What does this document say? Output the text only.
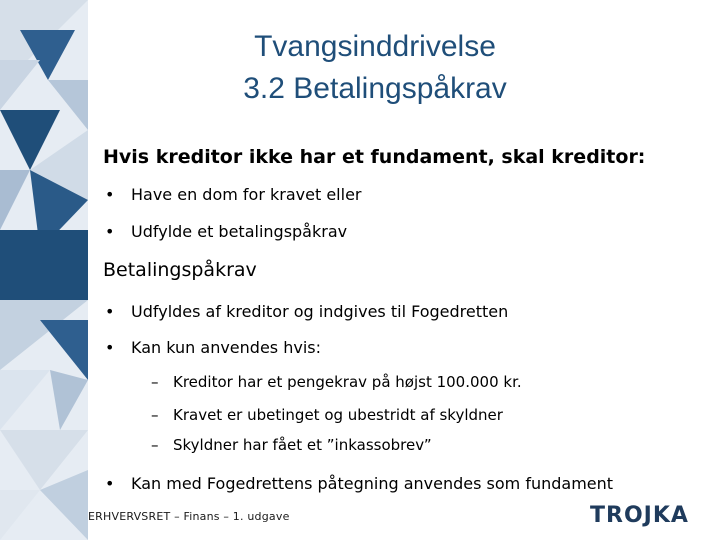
Tvangsinddrivelse
3.2 Betalingspåkrav
Hvis kreditor ikke har et fundament, skal kreditor:
• Have en dom for kravet eller
• Udfylde et betalingspåkrav
Betalingspåkrav
• Udfyldes af kreditor og indgives til Fogedretten
• Kan kun anvendes hvis:
– Kreditor har et pengekrav på højst 100.000 kr.
– Kravet er ubetinget og ubestridt af skyldner
– Skyldner har fået et ”inkassobrev”
• Kan med Fogedrettens påtegning anvendes som fundament
ERHVERVSRET – Finans – 1. udgave	TROJKA
